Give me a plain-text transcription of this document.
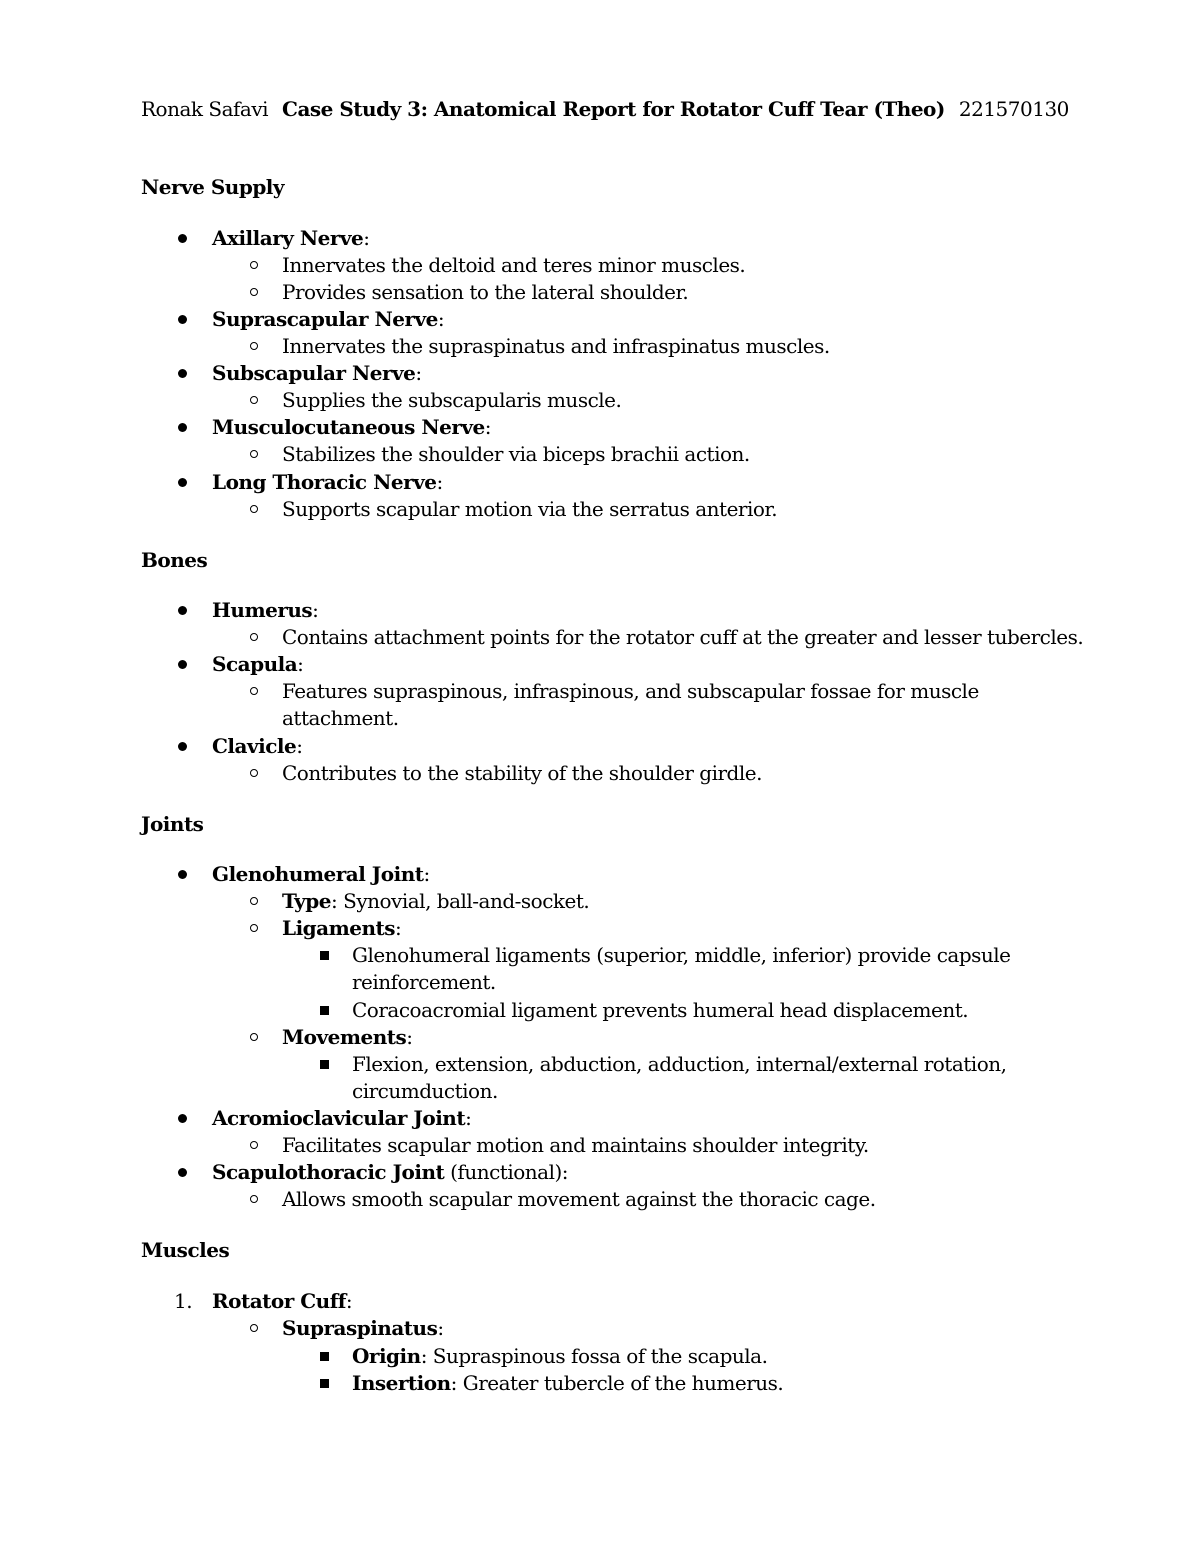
Ronak Safavi Case Study 3: Anatomical Report for Rotator Cuff Tear (Theo) 221570130
Nerve Supply
Axillary Nerve:
Innervates the deltoid and teres minor muscles.
Provides sensation to the lateral shoulder.
Suprascapular Nerve:
Innervates the supraspinatus and infraspinatus muscles.
Subscapular Nerve:
Supplies the subscapularis muscle.
Musculocutaneous Nerve:
Stabilizes the shoulder via biceps brachii action.
Long Thoracic Nerve:
Supports scapular motion via the serratus anterior.
Bones
Humerus:
Contains attachment points for the rotator cuff at the greater and lesser tubercles.
Scapula:
Features supraspinous, infraspinous, and subscapular fossae for muscle
attachment.
Clavicle:
Contributes to the stability of the shoulder girdle.
Joints
Glenohumeral Joint:
Type: Synovial, ball-and-socket.
Ligaments:
Glenohumeral ligaments (superior, middle, inferior) provide capsule
reinforcement.
Coracoacromial ligament prevents humeral head displacement.
Movements:
Flexion, extension, abduction, adduction, internal/external rotation,
circumduction.
Acromioclavicular Joint:
Facilitates scapular motion and maintains shoulder integrity.
Scapulothoracic Joint (functional):
Allows smooth scapular movement against the thoracic cage.
Muscles
1. Rotator Cuff:
Supraspinatus:
Origin: Supraspinous fossa of the scapula.
Insertion: Greater tubercle of the humerus.
